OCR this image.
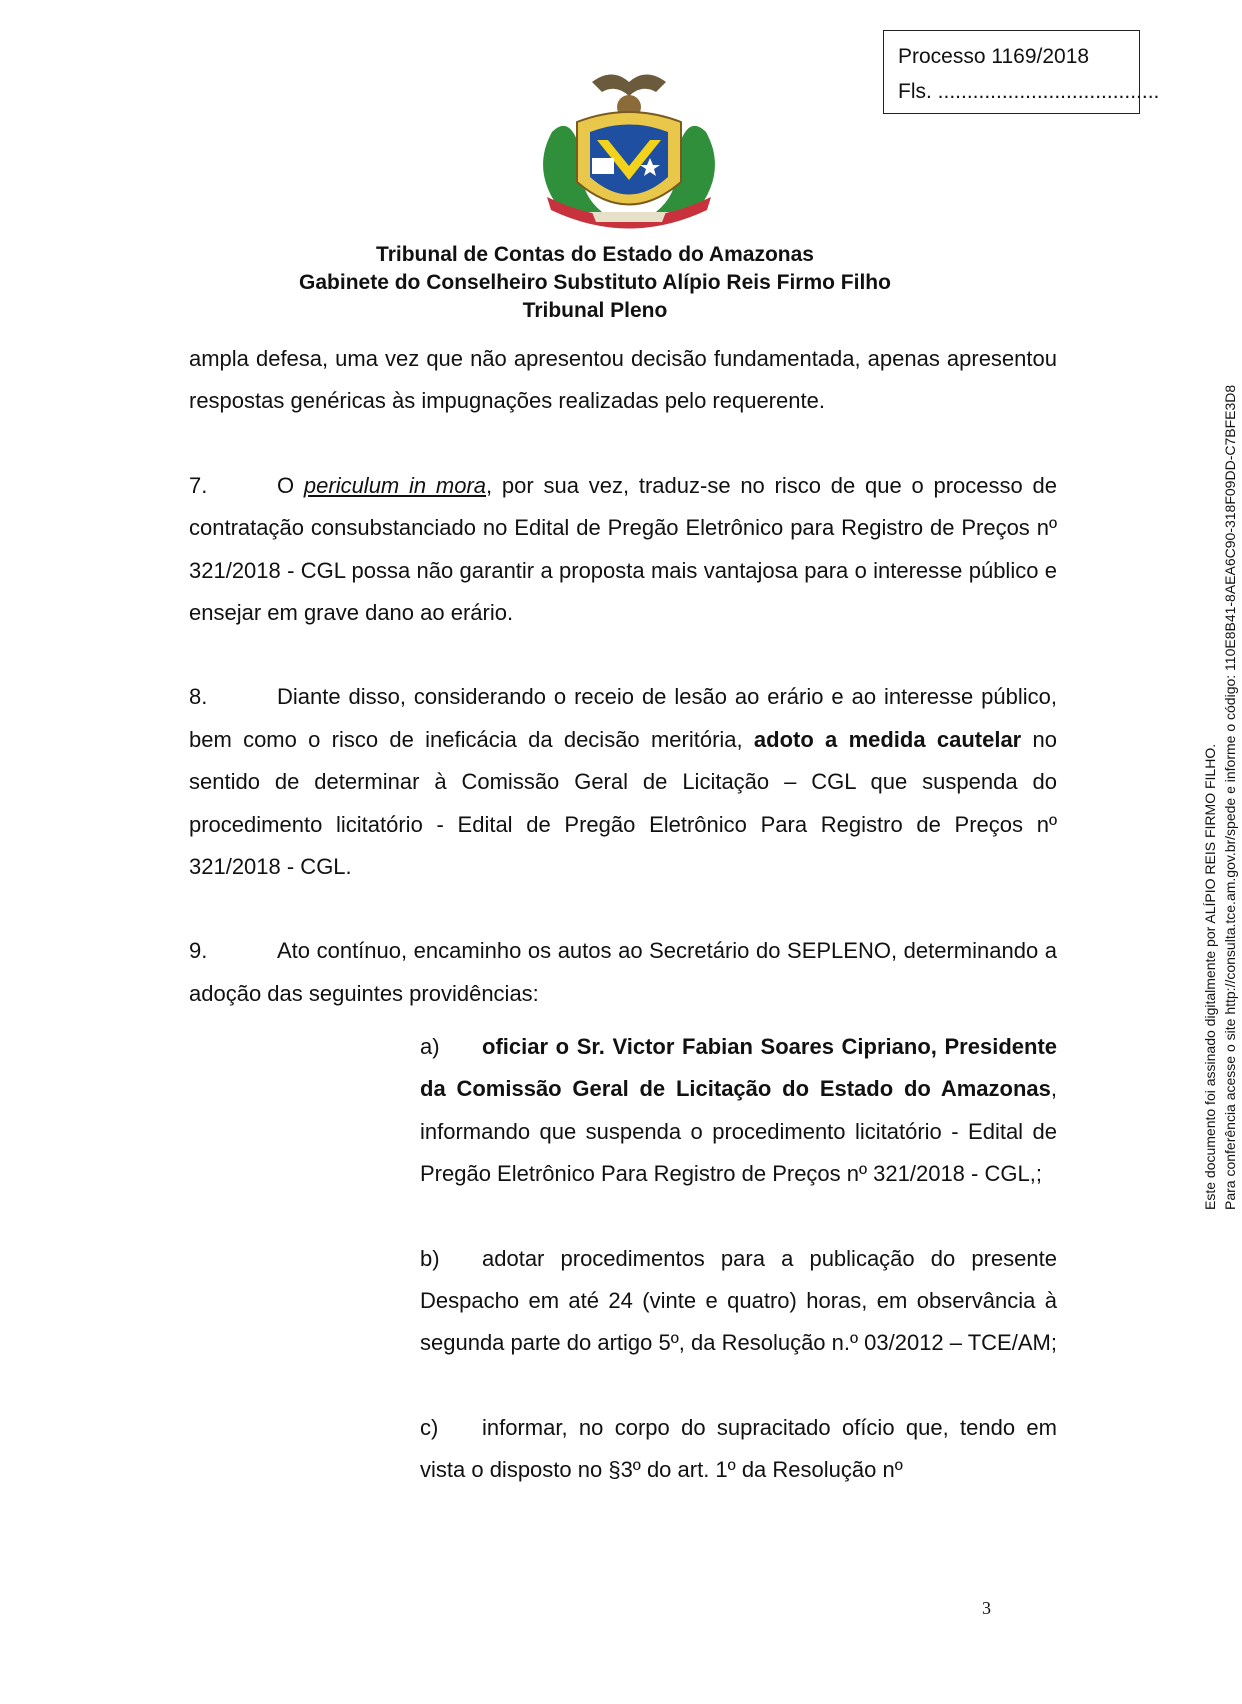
Processo 1169/2018
Fls. ......................................
Tribunal de Contas do Estado do Amazonas
Gabinete do Conselheiro Substituto Alípio Reis Firmo Filho
Tribunal Pleno

ampla defesa, uma vez que não apresentou decisão fundamentada, apenas apresentou respostas genéricas às impugnações realizadas pelo requerente.

7.	O periculum in mora, por sua vez, traduz-se no risco de que o processo de contratação consubstanciado no Edital de Pregão Eletrônico para Registro de Preços nº 321/2018 - CGL possa não garantir a proposta mais vantajosa para o interesse público e ensejar em grave dano ao erário.

8.	Diante disso, considerando o receio de lesão ao erário e ao interesse público, bem como o risco de ineficácia da decisão meritória, adoto a medida cautelar no sentido de determinar à Comissão Geral de Licitação – CGL que suspenda do procedimento licitatório - Edital de Pregão Eletrônico Para Registro de Preços nº 321/2018 - CGL.

9.	Ato contínuo, encaminho os autos ao Secretário do SEPLENO, determinando a adoção das seguintes providências:

a) oficiar o Sr. Victor Fabian Soares Cipriano, Presidente da Comissão Geral de Licitação do Estado do Amazonas, informando que suspenda o procedimento licitatório - Edital de Pregão Eletrônico Para Registro de Preços nº 321/2018 - CGL,;

b) adotar procedimentos para a publicação do presente Despacho em até 24 (vinte e quatro) horas, em observância à segunda parte do artigo 5º, da Resolução n.º 03/2012 – TCE/AM;

c) informar, no corpo do supracitado ofício que, tendo em vista o disposto no §3º do art. 1º da Resolução nº

Este documento foi assinado digitalmente por ALÍPIO REIS FIRMO FILHO. Para conferência acesse o site http://consulta.tce.am.gov.br/spede e informe o código: 110E8B41-8AEA6C90-318F09DD-C7BFE3D8
3
